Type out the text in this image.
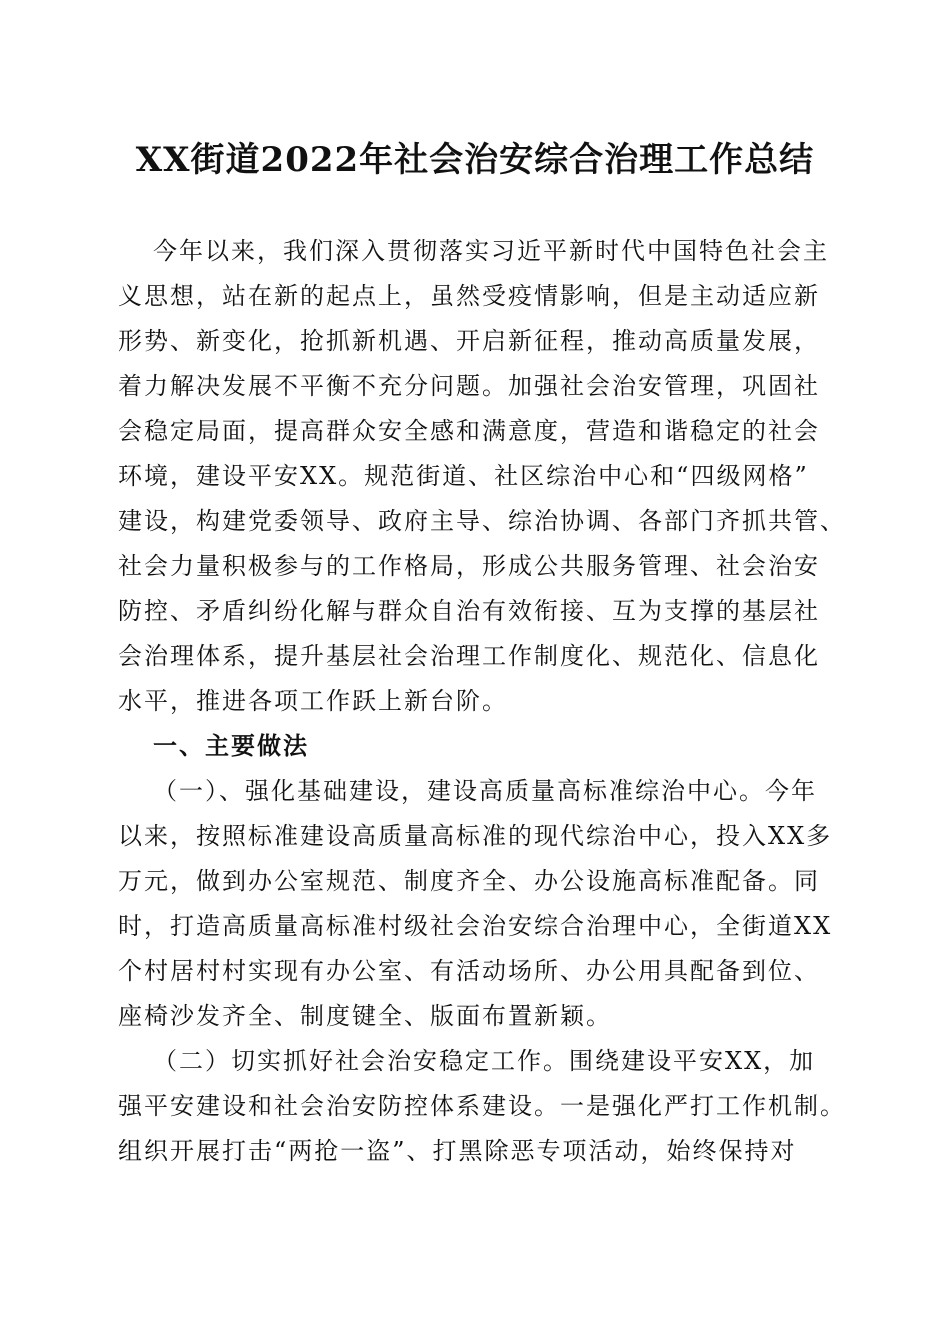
XX街道2022年社会治安综合治理工作总结
今年以来，我们深入贯彻落实习近平新时代中国特色社会主
义思想，站在新的起点上，虽然受疫情影响，但是主动适应新
形势、新变化，抢抓新机遇、开启新征程，推动高质量发展，
着力解决发展不平衡不充分问题。加强社会治安管理，巩固社
会稳定局面，提高群众安全感和满意度，营造和谐稳定的社会
环境，建设平安XX。规范街道、社区综治中心和“四级网格”
建设，构建党委领导、政府主导、综治协调、各部门齐抓共管、
社会力量积极参与的工作格局，形成公共服务管理、社会治安
防控、矛盾纠纷化解与群众自治有效衔接、互为支撑的基层社
会治理体系，提升基层社会治理工作制度化、规范化、信息化
水平，推进各项工作跃上新台阶。
一、主要做法
（一）、强化基础建设，建设高质量高标准综治中心。今年
以来，按照标准建设高质量高标准的现代综治中心，投入XX多
万元，做到办公室规范、制度齐全、办公设施高标准配备。同
时，打造高质量高标准村级社会治安综合治理中心，全街道XX
个村居村村实现有办公室、有活动场所、办公用具配备到位、
座椅沙发齐全、制度键全、版面布置新颖。
（二）切实抓好社会治安稳定工作。围绕建设平安XX，加
强平安建设和社会治安防控体系建设。一是强化严打工作机制。
组织开展打击“两抢一盗”、打黑除恶专项活动，始终保持对
